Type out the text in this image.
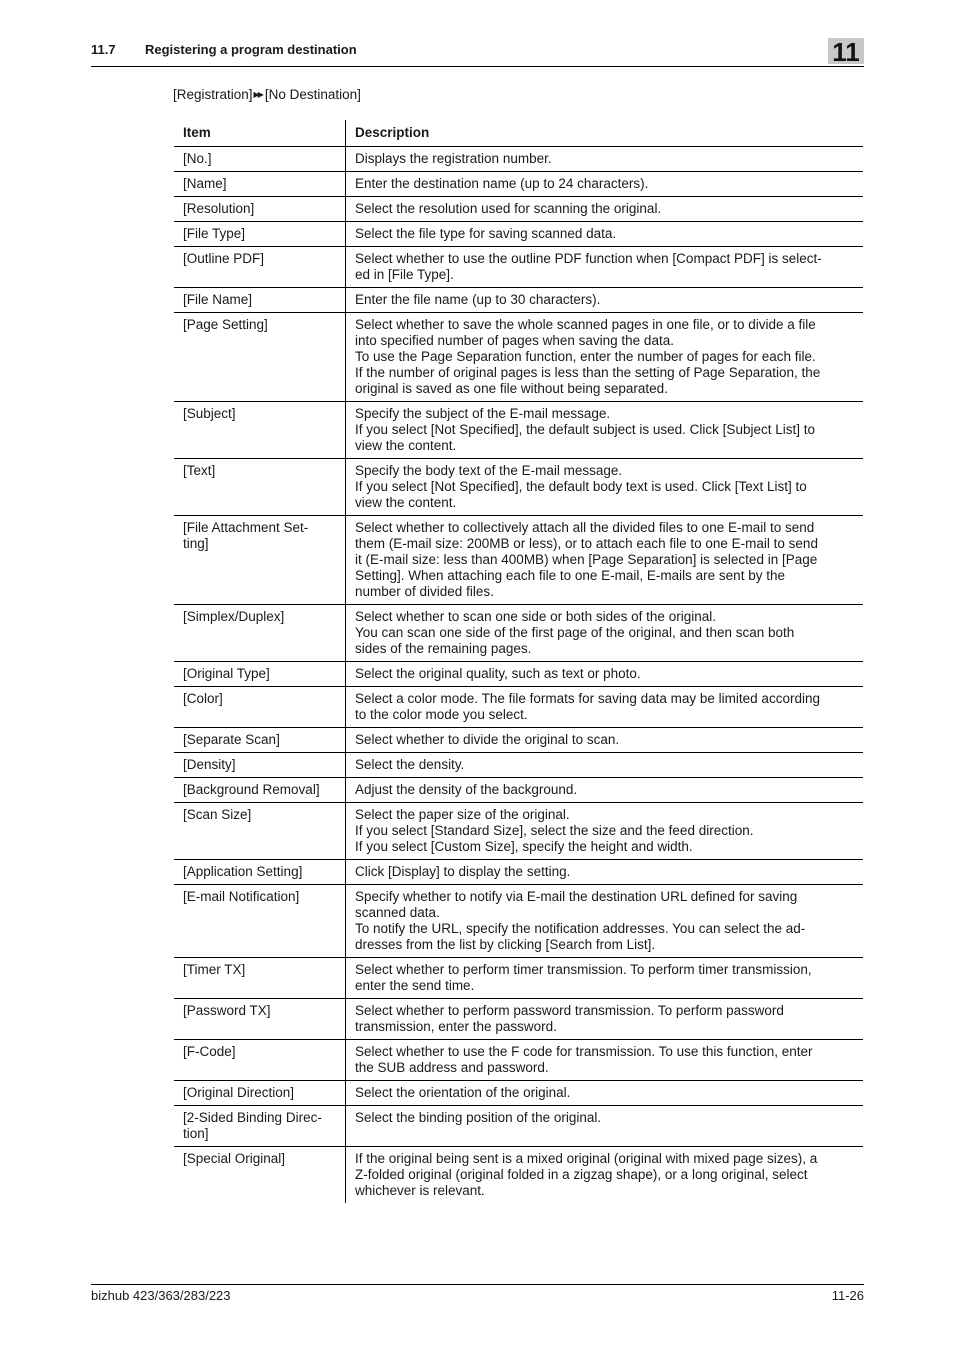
11.7 Registering a program destination	11
[Registration] ▶▶ [No Destination]
Item	Description
[No.]	Displays the registration number.
[Name]	Enter the destination name (up to 24 characters).
[Resolution]	Select the resolution used for scanning the original.
[File Type]	Select the file type for saving scanned data.
[Outline PDF]	Select whether to use the outline PDF function when [Compact PDF] is select-
ed in [File Type].
[File Name]	Enter the file name (up to 30 characters).
[Page Setting]	Select whether to save the whole scanned pages in one file, or to divide a file
into specified number of pages when saving the data.
To use the Page Separation function, enter the number of pages for each file.
If the number of original pages is less than the setting of Page Separation, the
original is saved as one file without being separated.
[Subject]	Specify the subject of the E-mail message.
If you select [Not Specified], the default subject is used. Click [Subject List] to
view the content.
[Text]	Specify the body text of the E-mail message.
If you select [Not Specified], the default body text is used. Click [Text List] to
view the content.
[File Attachment Set-
ting]	Select whether to collectively attach all the divided files to one E-mail to send
them (E-mail size: 200MB or less), or to attach each file to one E-mail to send
it (E-mail size: less than 400MB) when [Page Separation] is selected in [Page
Setting]. When attaching each file to one E-mail, E-mails are sent by the
number of divided files.
[Simplex/Duplex]	Select whether to scan one side or both sides of the original.
You can scan one side of the first page of the original, and then scan both
sides of the remaining pages.
[Original Type]	Select the original quality, such as text or photo.
[Color]	Select a color mode. The file formats for saving data may be limited according
to the color mode you select.
[Separate Scan]	Select whether to divide the original to scan.
[Density]	Select the density.
[Background Removal]	Adjust the density of the background.
[Scan Size]	Select the paper size of the original.
If you select [Standard Size], select the size and the feed direction.
If you select [Custom Size], specify the height and width.
[Application Setting]	Click [Display] to display the setting.
[E-mail Notification]	Specify whether to notify via E-mail the destination URL defined for saving
scanned data.
To notify the URL, specify the notification addresses. You can select the ad-
dresses from the list by clicking [Search from List].
[Timer TX]	Select whether to perform timer transmission. To perform timer transmission,
enter the send time.
[Password TX]	Select whether to perform password transmission. To perform password
transmission, enter the password.
[F-Code]	Select whether to use the F code for transmission. To use this function, enter
the SUB address and password.
[Original Direction]	Select the orientation of the original.
[2-Sided Binding Direc-
tion]	Select the binding position of the original.
[Special Original]	If the original being sent is a mixed original (original with mixed page sizes), a
Z-folded original (original folded in a zigzag shape), or a long original, select
whichever is relevant.
bizhub 423/363/283/223	11-26
